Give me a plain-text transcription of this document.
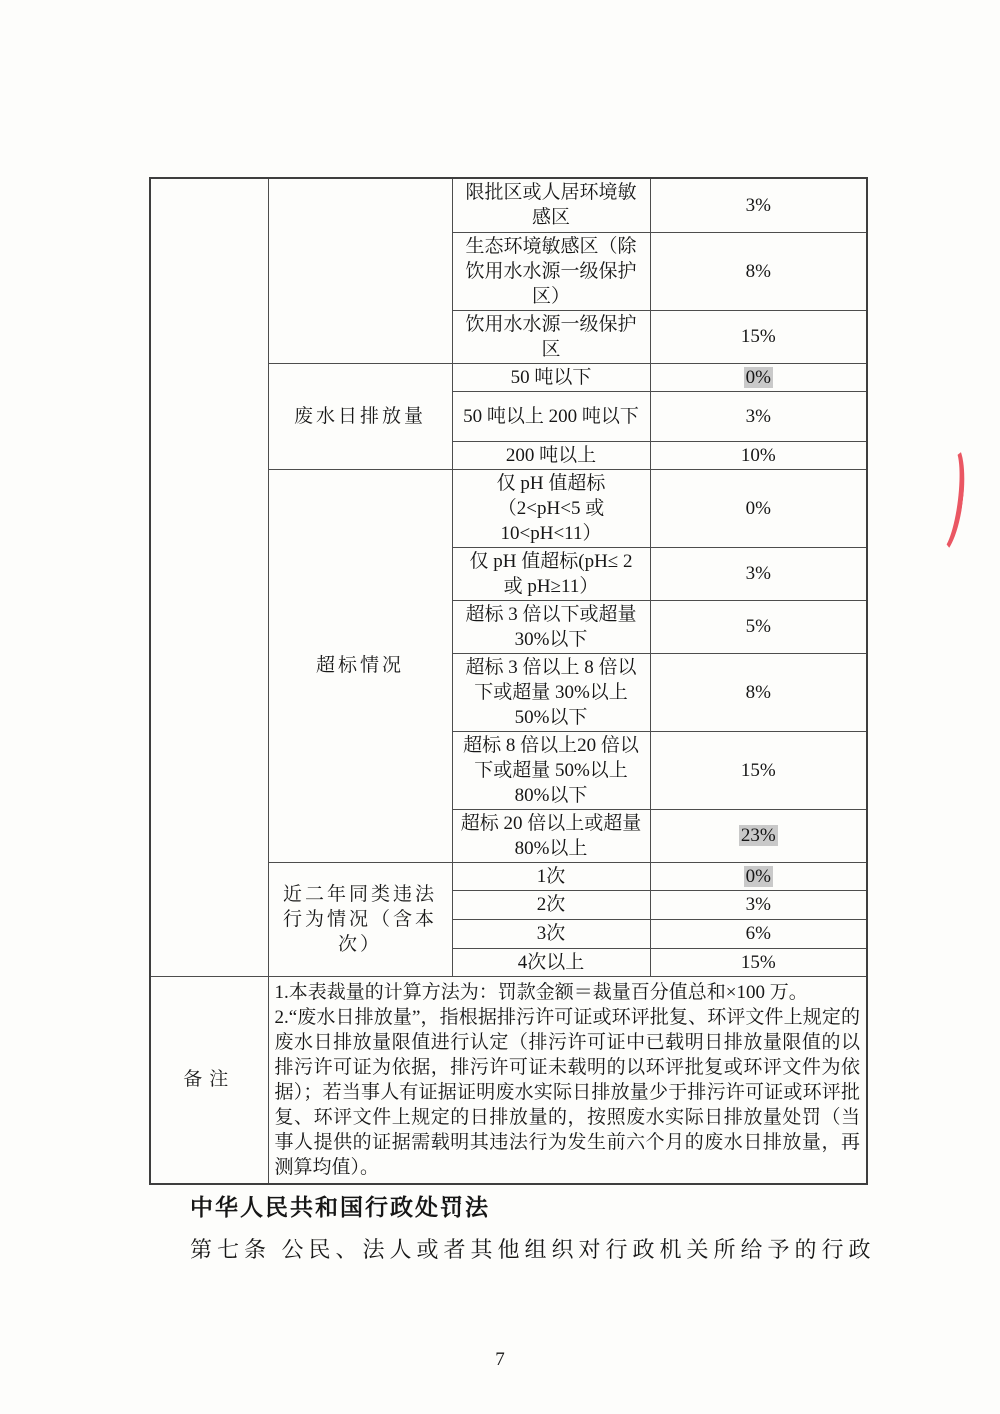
		限批区或人居环境敏感区	3%
		生态环境敏感区（除饮用水水源一级保护区）	8%
		饮用水水源一级保护区	15%
	废水日排放量	50 吨以下	0%
		50 吨以上 200 吨以下	3%
		200 吨以上	10%
	超标情况	仅 pH 值超标 （2<pH<5 或 10<pH<11）	0%
		仅 pH 值超标(pH≤ 2 或 pH≥11）	3%
		超标 3 倍以下或超量 30%以下	5%
		超标 3 倍以上 8 倍以下或超量 30%以上 50%以下	8%
		超标 8 倍以上20 倍以下或超量 50%以上 80%以下	15%
		超标 20 倍以上或超量 80%以上	23%
	近二年同类违法行为情况（含本次）	1次	0%
		2次	3%
		3次	6%
		4次以上	15%
备注	1.本表裁量的计算方法为：罚款金额＝裁量百分值总和×100 万。
2.“废水日排放量”，指根据排污许可证或环评批复、环评文件上规定的废水日排放量限值进行认定（排污许可证中已载明日排放量限值的以排污许可证为依据，排污许可证未载明的以环评批复或环评文件为依据）；若当事人有证据证明废水实际日排放量少于排污许可证或环评批复、环评文件上规定的日排放量的，按照废水实际日排放量处罚（当事人提供的证据需载明其违法行为发生前六个月的废水日排放量，再测算均值）。		
中华人民共和国行政处罚法
第七条 公民、法人或者其他组织对行政机关所给予的行政
7
